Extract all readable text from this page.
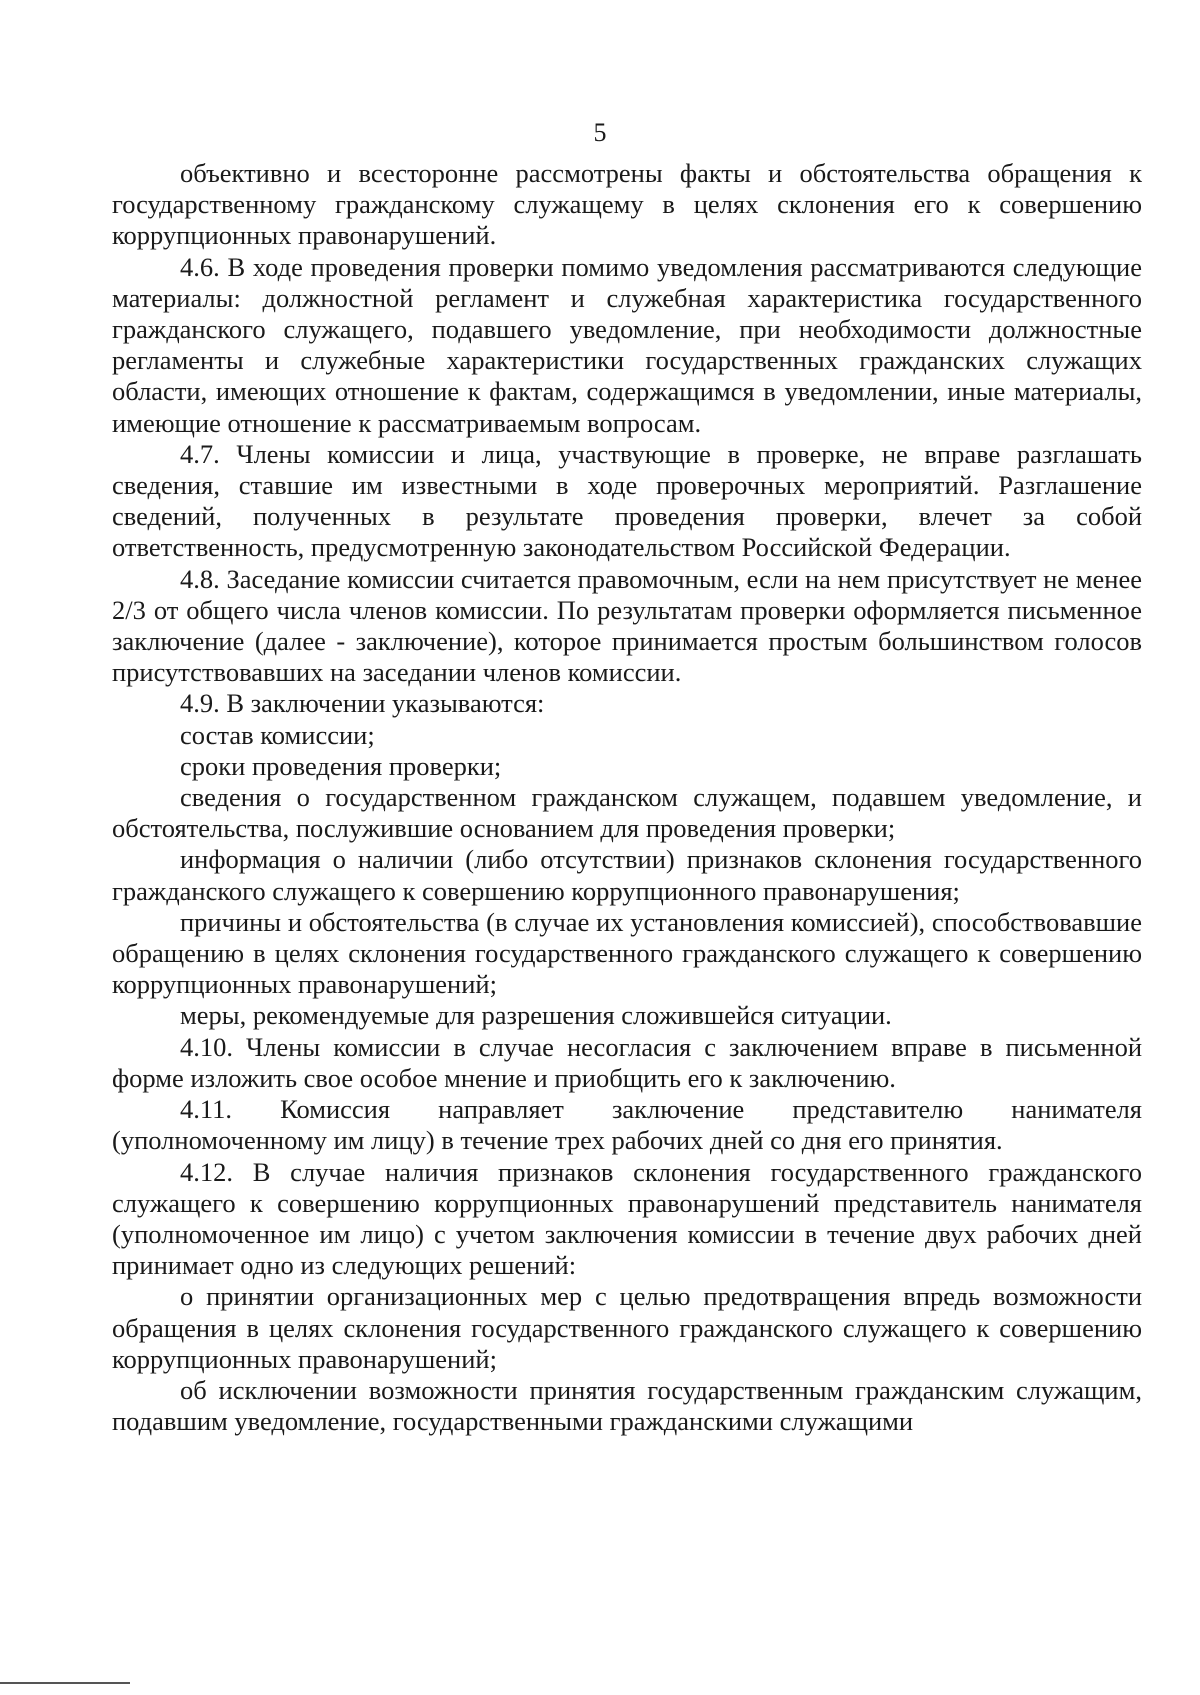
5

объективно и всесторонне рассмотрены факты и обстоятельства обращения к государственному гражданскому служащему в целях склонения его к совершению коррупционных правонарушений.

4.6. В ходе проведения проверки помимо уведомления рассматриваются следующие материалы: должностной регламент и служебная характеристика государственного гражданского служащего, подавшего уведомление, при необходимости должностные регламенты и служебные характеристики государственных гражданских служащих области, имеющих отношение к фактам, содержащимся в уведомлении, иные материалы, имеющие отношение к рассматриваемым вопросам.

4.7. Члены комиссии и лица, участвующие в проверке, не вправе разглашать сведения, ставшие им известными в ходе проверочных мероприятий. Разглашение сведений, полученных в результате проведения проверки, влечет за собой ответственность, предусмотренную законодательством Российской Федерации.

4.8. Заседание комиссии считается правомочным, если на нем присутствует не менее 2/3 от общего числа членов комиссии. По результатам проверки оформляется письменное заключение (далее - заключение), которое принимается простым большинством голосов присутствовавших на заседании членов комиссии.

4.9. В заключении указываются:

состав комиссии;

сроки проведения проверки;

сведения о государственном гражданском служащем, подавшем уведомление, и обстоятельства, послужившие основанием для проведения проверки;

информация о наличии (либо отсутствии) признаков склонения государственного гражданского служащего к совершению коррупционного правонарушения;

причины и обстоятельства (в случае их установления комиссией), способствовавшие обращению в целях склонения государственного гражданского служащего к совершению коррупционных правонарушений;

меры, рекомендуемые для разрешения сложившейся ситуации.

4.10. Члены комиссии в случае несогласия с заключением вправе в письменной форме изложить свое особое мнение и приобщить его к заключению.

4.11. Комиссия направляет заключение представителю нанимателя (уполномоченному им лицу) в течение трех рабочих дней со дня его принятия.

4.12. В случае наличия признаков склонения государственного гражданского служащего к совершению коррупционных правонарушений представитель нанимателя (уполномоченное им лицо) с учетом заключения комиссии в течение двух рабочих дней принимает одно из следующих решений:

о принятии организационных мер с целью предотвращения впредь возможности обращения в целях склонения государственного гражданского служащего к совершению коррупционных правонарушений;

об исключении возможности принятия государственным гражданским служащим, подавшим уведомление, государственными гражданскими служащими
